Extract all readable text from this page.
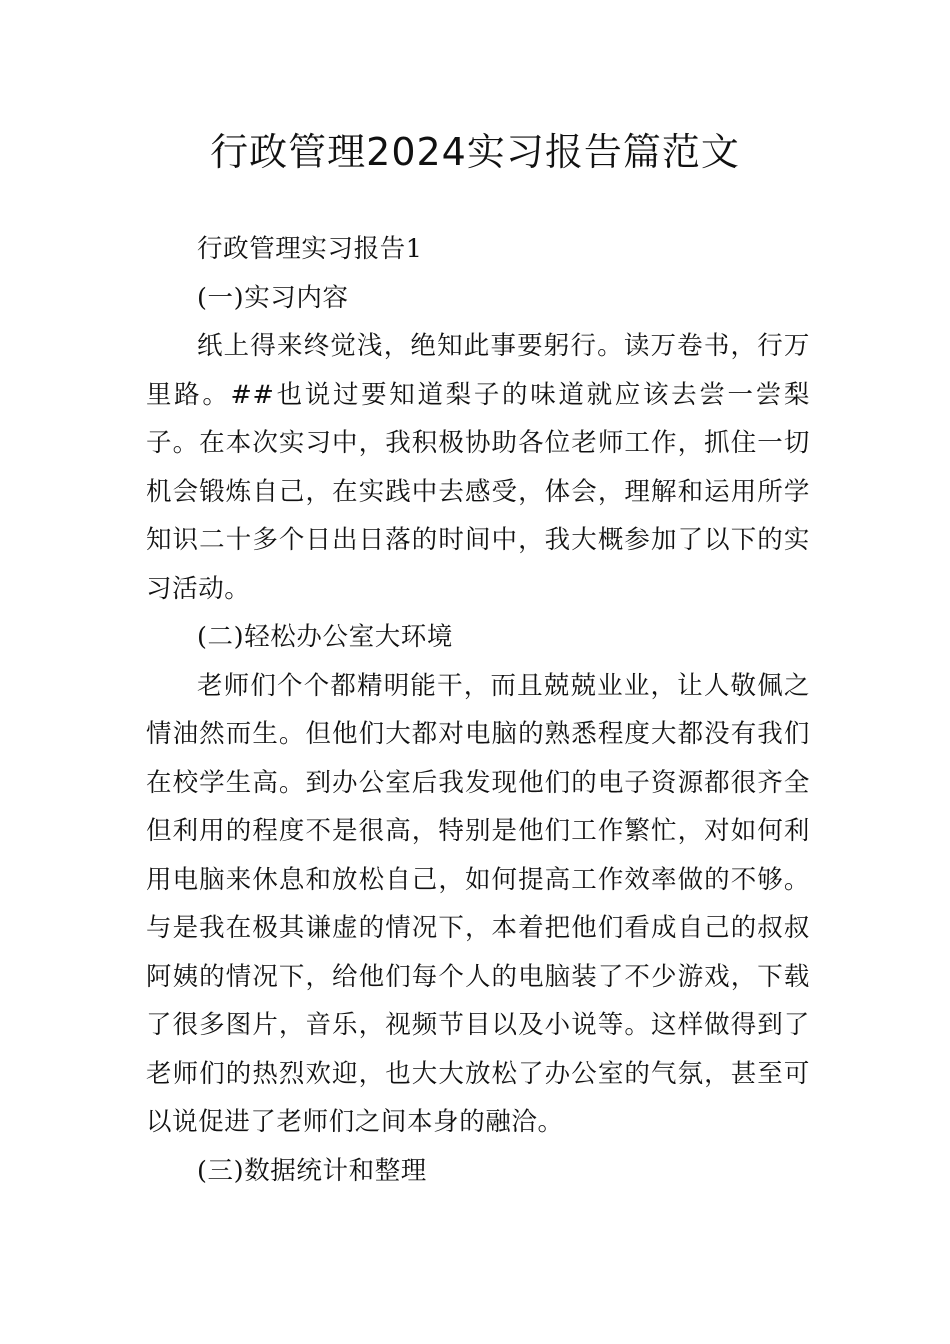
行政管理2024实习报告篇范文

行政管理实习报告1

(一)实习内容

纸上得来终觉浅，绝知此事要躬行。读万卷书，行万里路。##也说过要知道梨子的味道就应该去尝一尝梨子。在本次实习中，我积极协助各位老师工作，抓住一切机会锻炼自己，在实践中去感受，体会，理解和运用所学知识二十多个日出日落的时间中，我大概参加了以下的实习活动。

(二)轻松办公室大环境

老师们个个都精明能干，而且兢兢业业，让人敬佩之情油然而生。但他们大都对电脑的熟悉程度大都没有我们在校学生高。到办公室后我发现他们的电子资源都很齐全但利用的程度不是很高，特别是他们工作繁忙，对如何利用电脑来休息和放松自己，如何提高工作效率做的不够。与是我在极其谦虚的情况下，本着把他们看成自己的叔叔阿姨的情况下，给他们每个人的电脑装了不少游戏，下载了很多图片，音乐，视频节目以及小说等。这样做得到了老师们的热烈欢迎，也大大放松了办公室的气氛，甚至可以说促进了老师们之间本身的融洽。

(三)数据统计和整理
